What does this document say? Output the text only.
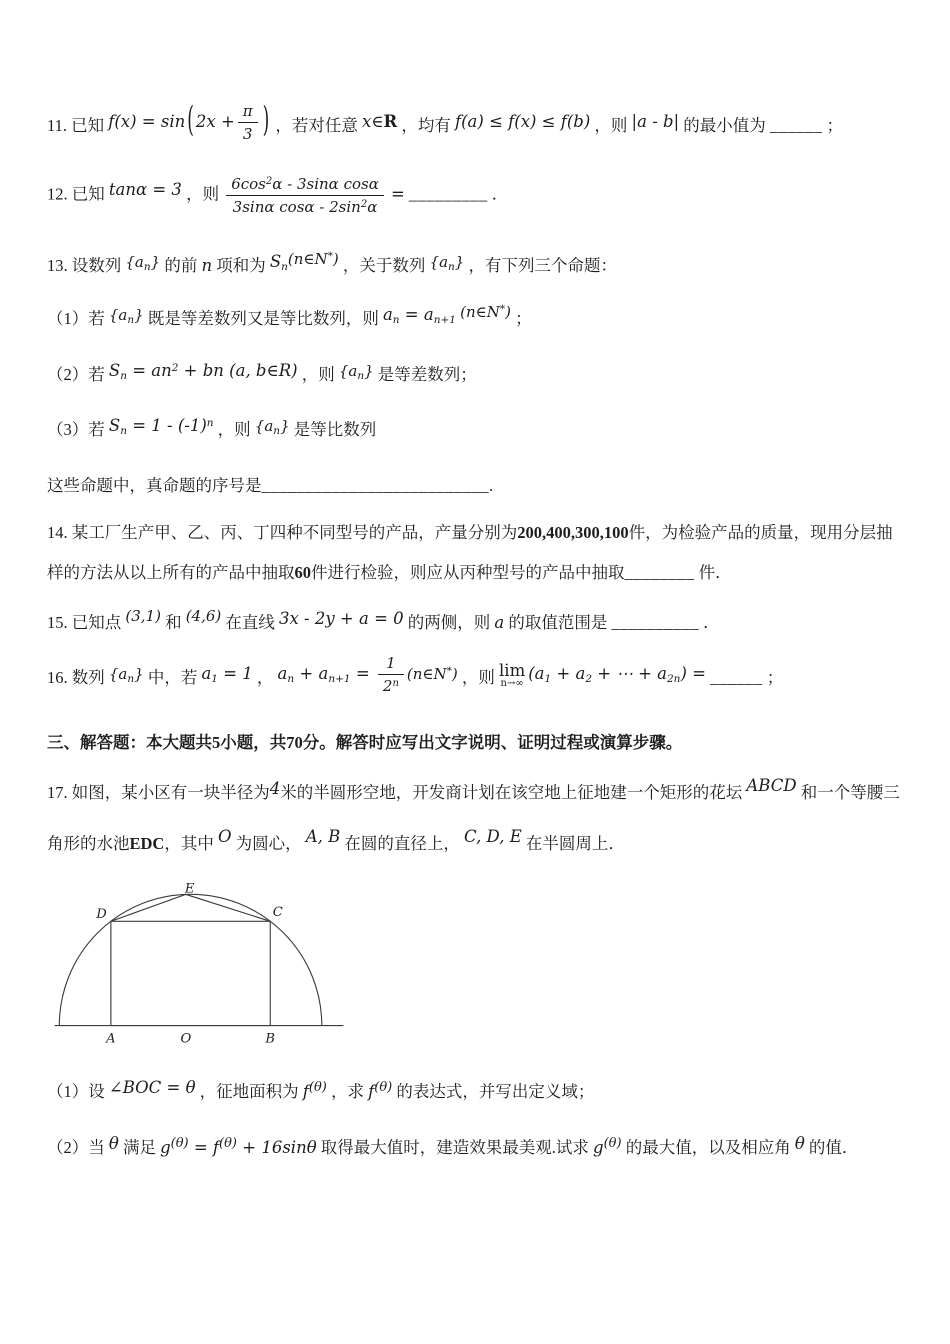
11. 已知 f(x) = sin ( $2x + \frac{\pi}{3}$ ) ，若对任意 x∈R ，均有 f(a) ≤ f(x) ≤ f(b) ，则 |a - b| 的最小值为 ______ ；

12. 已知 tanα = 3 ，则 $\frac{6\cos^2\alpha - 3\sin\alpha \cos\alpha}{3\sin\alpha \cos\alpha - 2\sin^2\alpha}$ = _________ ．

13. 设数列 $\{a_n\}$ 的前 n 项和为 $S_n(n\in N^*)$ ，关于数列 $\{a_n\}$ ，有下列三个命题：

（1）若 $\{a_n\}$ 既是等差数列又是等比数列，则 $a_n = a_{n+1}$ (n∈N*) ；

（2）若 $S_n = an^2$ + bn (a, b∈R) ，则 $\{a_n\}$ 是等差数列；

（3）若 $S_n = 1 - (-1)^n$ ，则 $\{a_n\}$ 是等比数列

这些命题中，真命题的序号是__________________________.

14. 某工厂生产甲、乙、丙、丁四种不同型号的产品，产量分别为200,400,300,100件，为检验产品的质量，现用分层抽样的方法从以上所有的产品中抽取60件进行检验，则应从丙种型号的产品中抽取________ 件．

15. 已知点 (3,1) 和 (4,6) 在直线 3x - 2y + a = 0 的两侧，则 a 的取值范围是 __________ ．

16. 数列 $\{a_n\}$ 中，若 $a_1 = 1$ ， $a_n + a_{n+1} = \frac{1}{2^n}$ (n∈N*) ，则 lim
n→∞
($a_1 + a_2$ + ⋯ + $a_{2n}$) = ______ ；

三、解答题：本大题共5小题，共70分。解答时应写出文字说明、证明过程或演算步骤。

17. 如图，某小区有一块半径为4米的半圆形空地，开发商计划在该空地上征地建一个矩形的花坛 ABCD 和一个等腰三角形的水池EDC，其中 O 为圆心， A, B 在圆的直径上， C, D, E 在半圆周上．

E
D	C
A	O	B

（1）设 ∠BOC = θ ，征地面积为 $f^{(\theta)}$ ，求 $f^{(\theta)}$ 的表达式，并写出定义域；

（2）当 θ 满足 $g^{(\theta)} = f^{(\theta)} + 16\sin\theta$ 取得最大值时，建造效果最美观.试求 $g^{(\theta)}$ 的最大值，以及相应角 θ 的值．
